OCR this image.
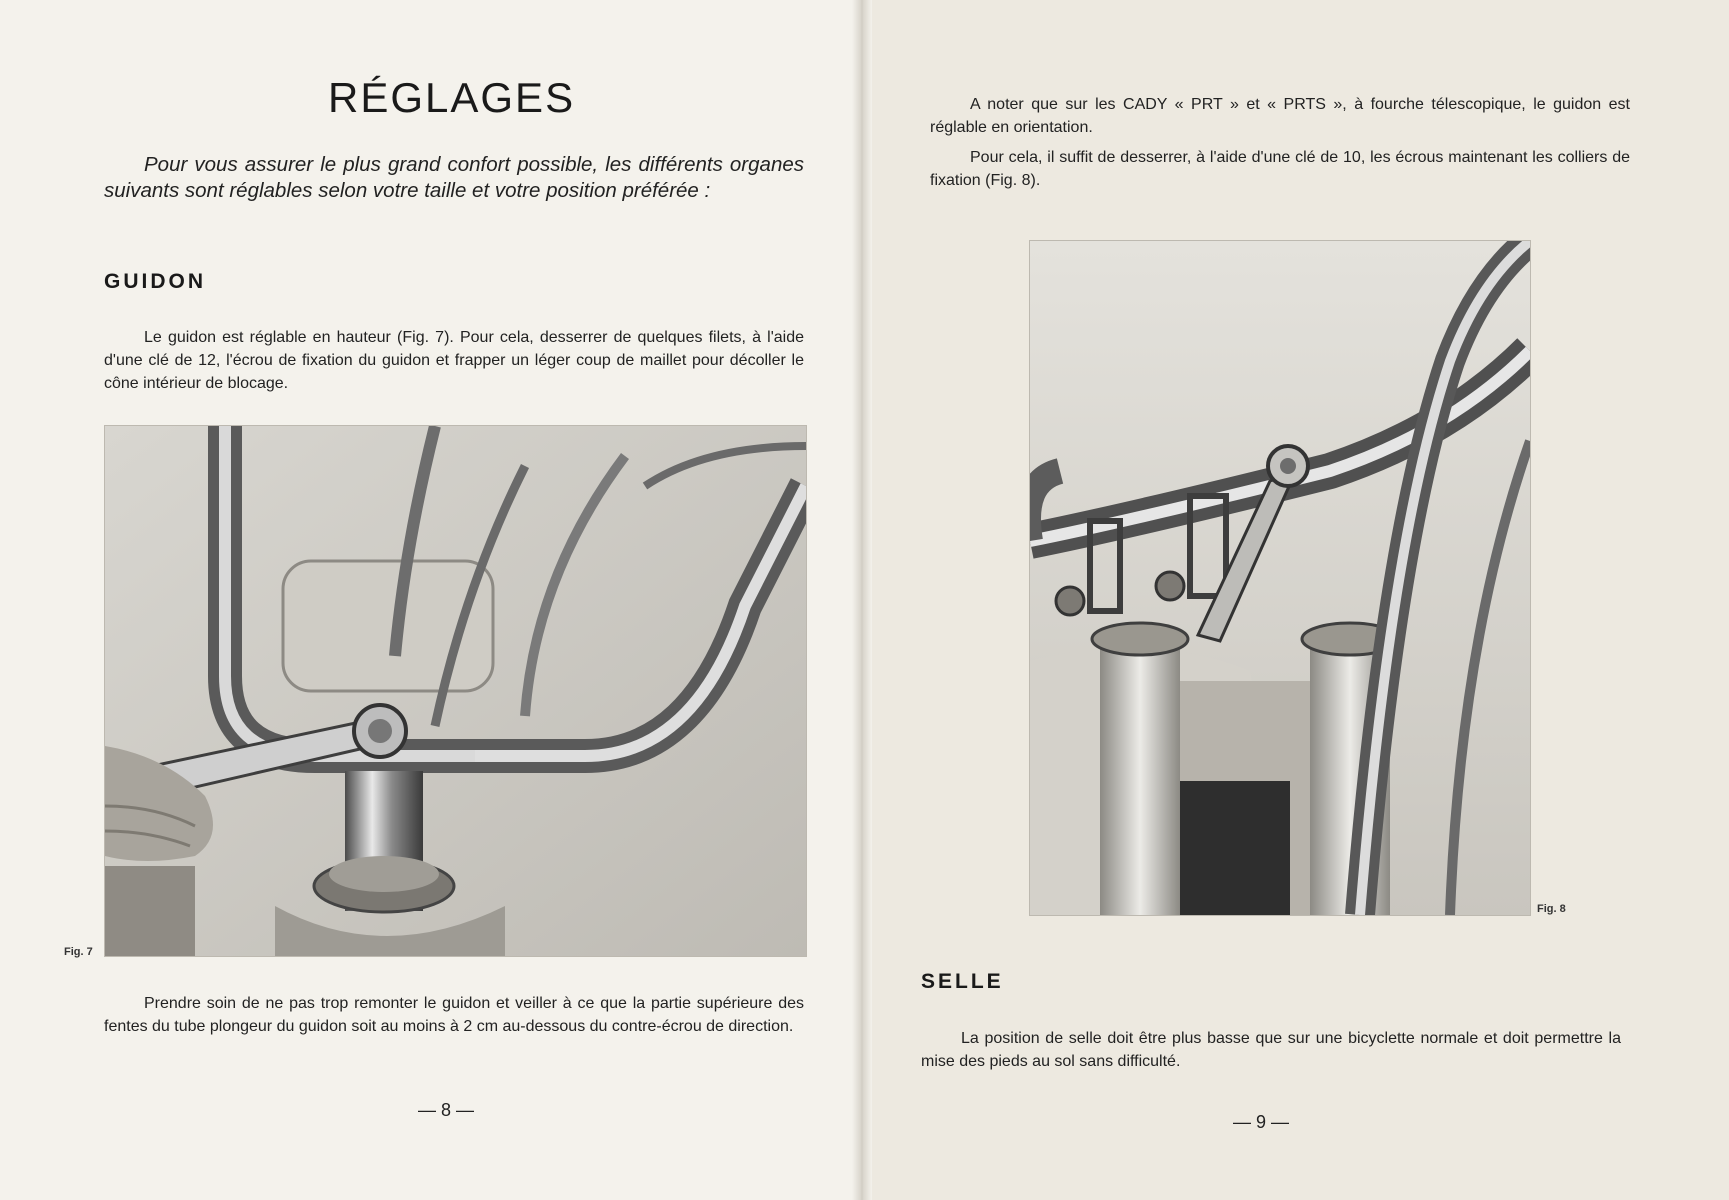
RÉGLAGES

Pour vous assurer le plus grand confort possible, les différents organes suivants sont réglables selon votre taille et votre position préférée :

GUIDON

Le guidon est réglable en hauteur (Fig. 7). Pour cela, desserrer de quelques filets, à l'aide d'une clé de 12, l'écrou de fixation du guidon et frapper un léger coup de maillet pour décoller le cône intérieur de blocage.

Fig. 7

Prendre soin de ne pas trop remonter le guidon et veiller à ce que la partie supérieure des fentes du tube plongeur du guidon soit au moins à 2 cm au-dessous du contre-écrou de direction.

— 8 —

A noter que sur les CADY « PRT » et « PRTS », à fourche télescopique, le guidon est réglable en orientation.

Pour cela, il suffit de desserrer, à l'aide d'une clé de 10, les écrous maintenant les colliers de fixation (Fig. 8).

Fig. 8
SELLE

La position de selle doit être plus basse que sur une bicyclette normale et doit permettre la mise des pieds au sol sans difficulté.

— 9 —
